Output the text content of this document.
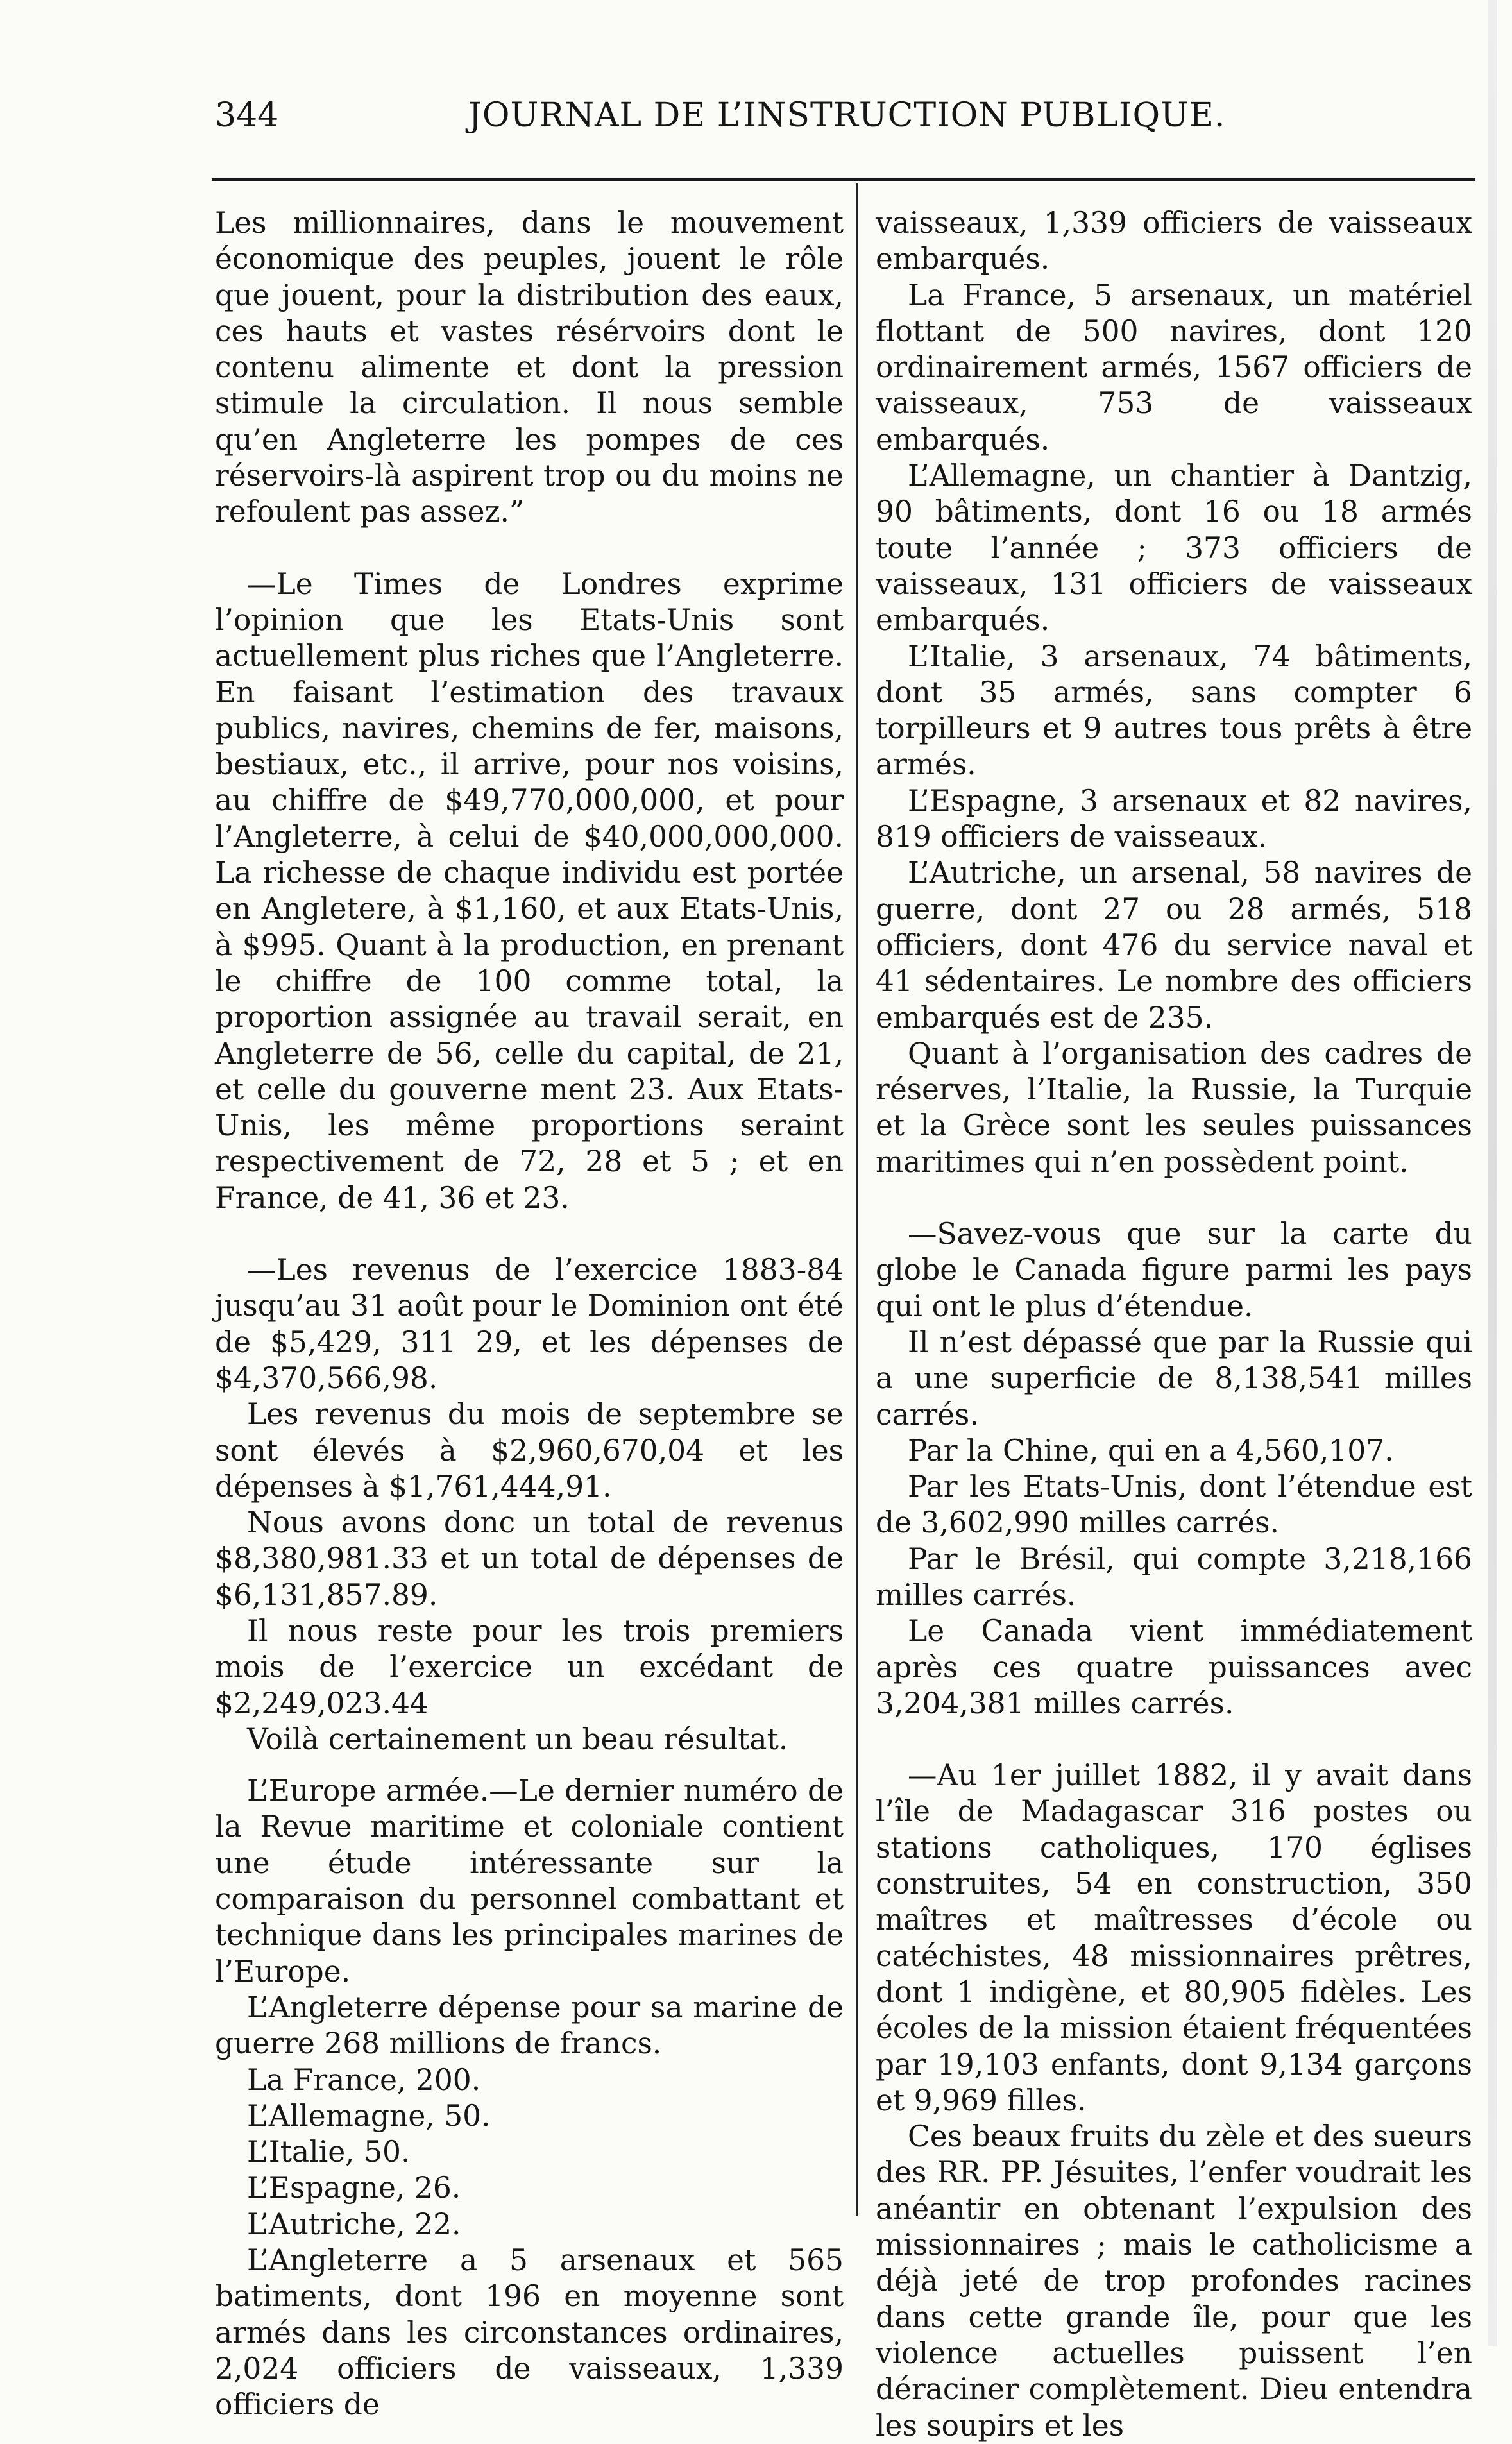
344	JOURNAL DE L’INSTRUCTION PUBLIQUE.

Les millionnaires, dans le mouvement économique des peuples, jouent le rôle que jouent, pour la distribution des eaux, ces hauts et vastes résérvoirs dont le contenu alimente et dont la pression stimule la circulation. Il nous semble qu’en Angleterre les pompes de ces réservoirs-là aspirent trop ou du moins ne refoulent pas assez.”

—Le Times de Londres exprime l’opinion que les Etats-Unis sont actuellement plus riches que l’Angleterre. En faisant l’estimation des travaux publics, navires, chemins de fer, maisons, bestiaux, etc., il arrive, pour nos voisins, au chiffre de $49,770,000,000, et pour l’Angleterre, à celui de $40,000,000,000. La richesse de chaque individu est portée en Angletere, à $1,160, et aux Etats-Unis, à $995. Quant à la production, en prenant le chiffre de 100 comme total, la proportion assignée au travail serait, en Angleterre de 56, celle du capital, de 21, et celle du gouverne ment 23. Aux Etats-Unis, les même proportions seraint respectivement de 72, 28 et 5 ; et en France, de 41, 36 et 23.

—Les revenus de l’exercice 1883-84 jusqu’au 31 août pour le Dominion ont été de $5,429, 311 29, et les dépenses de $4,370,566,98.

Les revenus du mois de septembre se sont élevés à $2,960,670,04 et les dépenses à $1,761,444,91.

Nous avons donc un total de revenus $8,380,981.33 et un total de dépenses de $6,131,857.89.

Il nous reste pour les trois premiers mois de l’exercice un excédant de $2,249,023.44

Voilà certainement un beau résultat.

L’Europe armée.—Le dernier numéro de la Revue maritime et coloniale contient une étude intéressante sur la comparaison du personnel combattant et technique dans les principales marines de l’Europe.

L’Angleterre dépense pour sa marine de guerre 268 millions de francs.

La France, 200.

L’Allemagne, 50.

L’Italie, 50.

L’Espagne, 26.

L’Autriche, 22.

L’Angleterre a 5 arsenaux et 565 batiments, dont 196 en moyenne sont armés dans les circonstances ordinaires, 2,024 officiers de vaisseaux, 1,339 officiers de

vaisseaux, 1,339 officiers de vaisseaux embarqués.

La France, 5 arsenaux, un matériel flottant de 500 navires, dont 120 ordinairement armés, 1567 officiers de vaisseaux, 753 de vaisseaux embarqués.

L’Allemagne, un chantier à Dantzig, 90 bâtiments, dont 16 ou 18 armés toute l’année ; 373 officiers de vaisseaux, 131 officiers de vaisseaux embarqués.

L’Italie, 3 arsenaux, 74 bâtiments, dont 35 armés, sans compter 6 torpilleurs et 9 autres tous prêts à être armés.

L’Espagne, 3 arsenaux et 82 navires, 819 officiers de vaisseaux.

L’Autriche, un arsenal, 58 navires de guerre, dont 27 ou 28 armés, 518 officiers, dont 476 du service naval et 41 sédentaires. Le nombre des officiers embarqués est de 235.

Quant à l’organisation des cadres de réserves, l’Italie, la Russie, la Turquie et la Grèce sont les seules puissances maritimes qui n’en possèdent point.

—Savez-vous que sur la carte du globe le Canada figure parmi les pays qui ont le plus d’étendue.

Il n’est dépassé que par la Russie qui a une superficie de 8,138,541 milles carrés.

Par la Chine, qui en a 4,560,107.

Par les Etats-Unis, dont l’étendue est de 3,602,990 milles carrés.

Par le Brésil, qui compte 3,218,166 milles carrés.

Le Canada vient immédiatement après ces quatre puissances avec 3,204,381 milles carrés.

—Au 1er juillet 1882, il y avait dans l’île de Madagascar 316 postes ou stations catholiques, 170 églises construites, 54 en construction, 350 maîtres et maîtresses d’école ou catéchistes, 48 missionnaires prêtres, dont 1 indigène, et 80,905 fidèles. Les écoles de la mission étaient fréquentées par 19,103 enfants, dont 9,134 garçons et 9,969 filles.

Ces beaux fruits du zèle et des sueurs des RR. PP. Jésuites, l’enfer voudrait les anéantir en obtenant l’expulsion des missionnaires ; mais le catholicisme a déjà jeté de trop profondes racines dans cette grande île, pour que les violence actuelles puissent l’en déraciner complètement. Dieu entendra les soupirs et les
